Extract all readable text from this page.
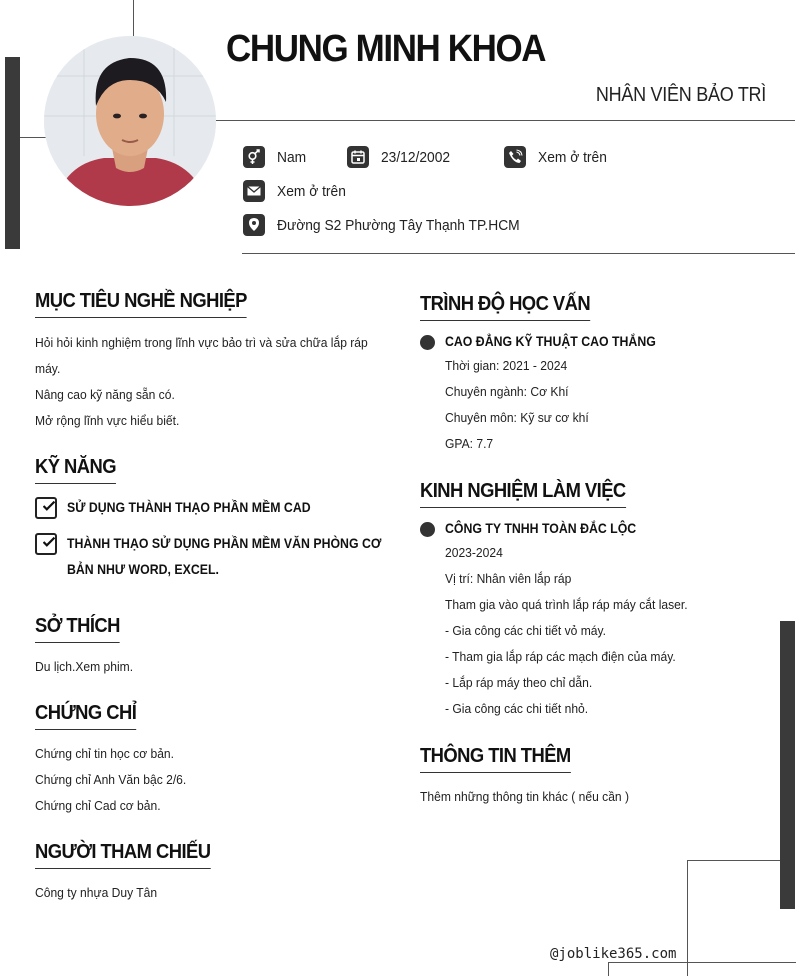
CHUNG MINH KHOA
NHÂN VIÊN BẢO TRÌ
Nam	23/12/2002	Xem ở trên
Xem ở trên
Đường S2 Phường Tây Thạnh TP.HCM
MỤC TIÊU NGHỀ NGHIỆP
Hỏi hỏi kinh nghiệm trong lĩnh vực bảo trì và sửa chữa lắp ráp
máy.
Nâng cao kỹ năng sẵn có.
Mở rộng lĩnh vực hiểu biết.
KỸ NĂNG
SỬ DỤNG THÀNH THẠO PHẦN MỀM CAD
THÀNH THẠO SỬ DỤNG PHẦN MỀM VĂN PHÒNG CƠ
BẢN NHƯ WORD, EXCEL.
SỞ THÍCH
Du lịch.Xem phim.
CHỨNG CHỈ
Chứng chỉ tin học cơ bản.
Chứng chỉ Anh Văn bậc 2/6.
Chứng chỉ Cad cơ bản.
NGƯỜI THAM CHIẾU
Công ty nhựa Duy Tân
TRÌNH ĐỘ HỌC VẤN
CAO ĐẲNG KỸ THUẬT CAO THẮNG
Thời gian: 2021 - 2024
Chuyên ngành: Cơ Khí
Chuyên môn: Kỹ sư cơ khí
GPA: 7.7
KINH NGHIỆM LÀM VIỆC
CÔNG TY TNHH TOÀN ĐẮC LỘC
2023-2024
Vị trí: Nhân viên lắp ráp
Tham gia vào quá trình lắp ráp máy cắt laser.
- Gia công các chi tiết vỏ máy.
- Tham gia lắp ráp các mạch điện của máy.
- Lắp ráp máy theo chỉ dẫn.
- Gia công các chi tiết nhỏ.
THÔNG TIN THÊM
Thêm những thông tin khác ( nếu cần )
@joblike365.com
